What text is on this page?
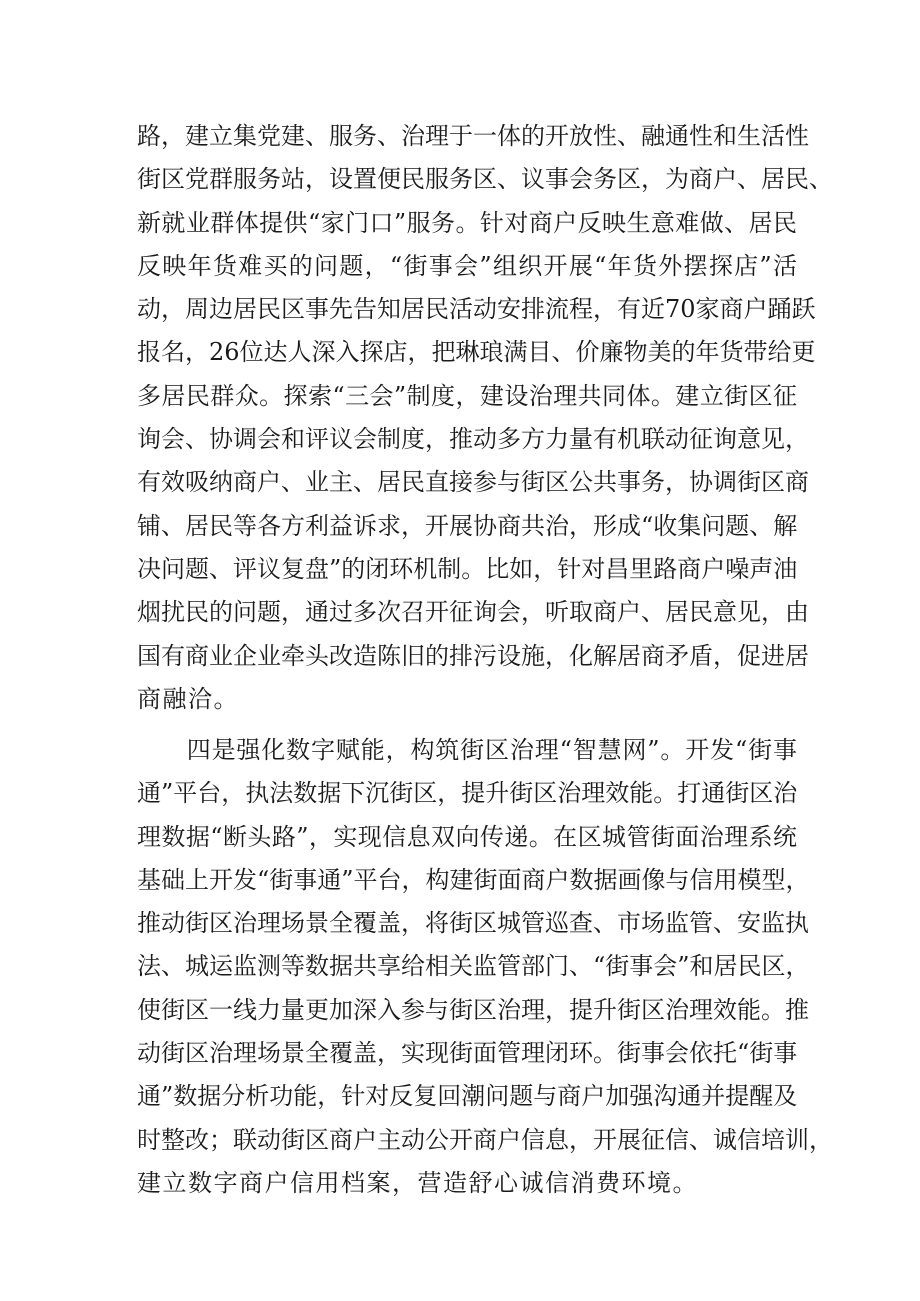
路，建立集党建、服务、治理于一体的开放性、融通性和生活性
街区党群服务站，设置便民服务区、议事会务区，为商户、居民、
新就业群体提供“家门口”服务。针对商户反映生意难做、居民
反映年货难买的问题，“街事会”组织开展“年货外摆探店”活
动，周边居民区事先告知居民活动安排流程，有近70家商户踊跃
报名，26位达人深入探店，把琳琅满目、价廉物美的年货带给更
多居民群众。探索“三会”制度，建设治理共同体。建立街区征
询会、协调会和评议会制度，推动多方力量有机联动征询意见，
有效吸纳商户、业主、居民直接参与街区公共事务，协调街区商
铺、居民等各方利益诉求，开展协商共治，形成“收集问题、解
决问题、评议复盘”的闭环机制。比如，针对昌里路商户噪声油
烟扰民的问题，通过多次召开征询会，听取商户、居民意见，由
国有商业企业牵头改造陈旧的排污设施，化解居商矛盾，促进居
商融洽。
　　四是强化数字赋能，构筑街区治理“智慧网”。开发“街事
通”平台，执法数据下沉街区，提升街区治理效能。打通街区治
理数据“断头路”，实现信息双向传递。在区城管街面治理系统
基础上开发“街事通”平台，构建街面商户数据画像与信用模型，
推动街区治理场景全覆盖，将街区城管巡查、市场监管、安监执
法、城运监测等数据共享给相关监管部门、“街事会”和居民区，
使街区一线力量更加深入参与街区治理，提升街区治理效能。推
动街区治理场景全覆盖，实现街面管理闭环。街事会依托“街事
通”数据分析功能，针对反复回潮问题与商户加强沟通并提醒及
时整改；联动街区商户主动公开商户信息，开展征信、诚信培训，
建立数字商户信用档案，营造舒心诚信消费环境。
